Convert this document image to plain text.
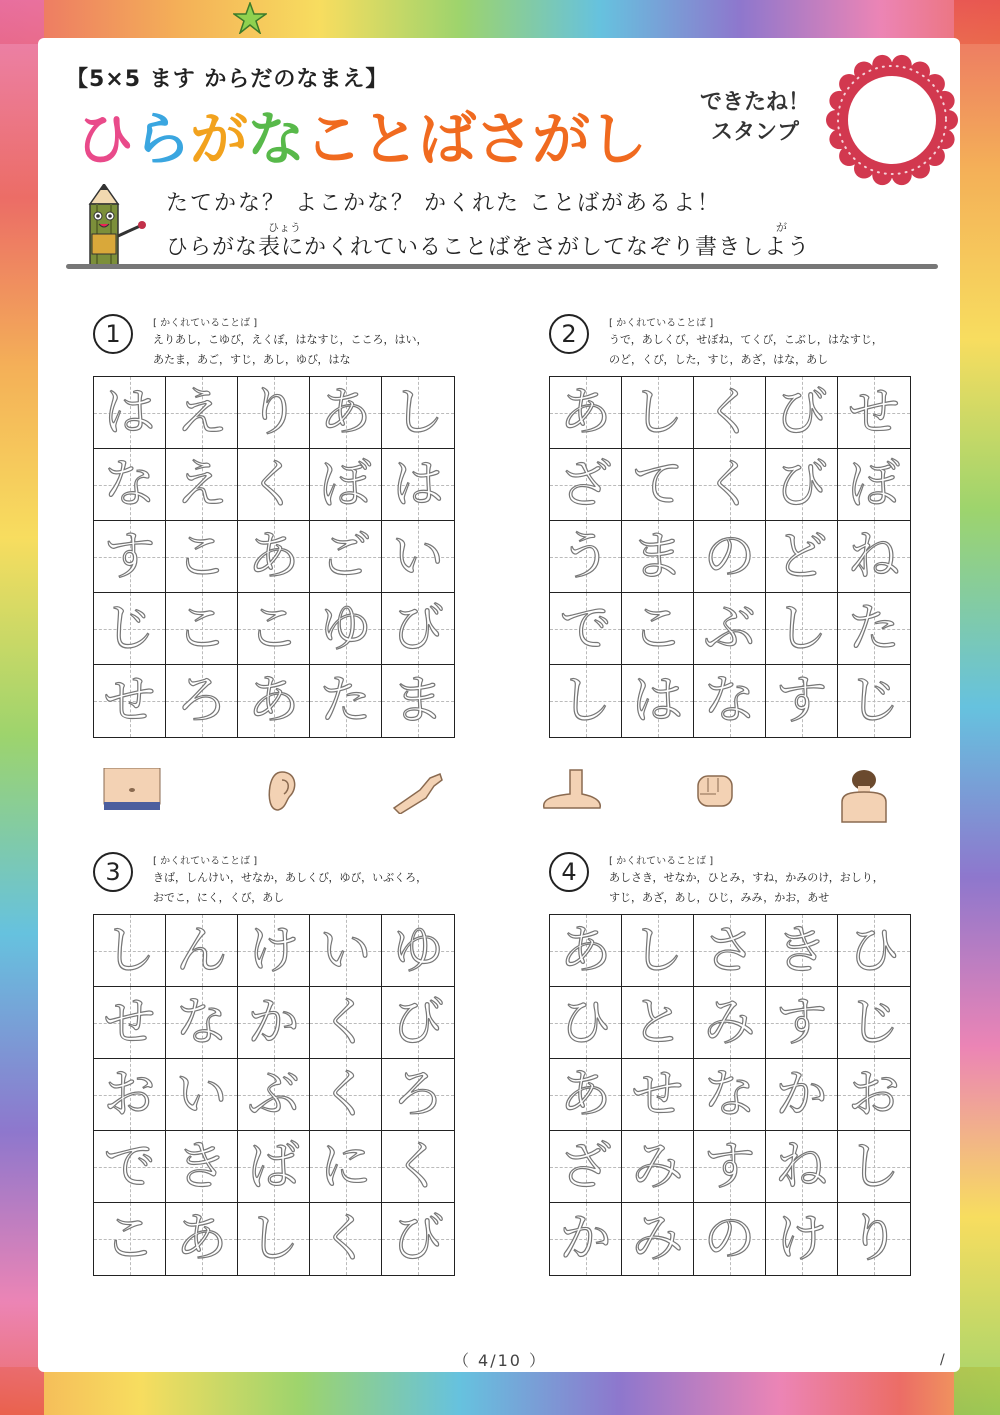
【5×5 ます からだのなまえ】
ひらがなことばさがし
できたね！
スタンプ
たてかな？ よこかな？ かくれた ことばがあるよ！
ひょう	が
ひらがな表にかくれていることばをさがしてなぞり書きしよう
1	[ かくれていることば ]
えりあし，こゆび，えくぼ，はなすじ，こころ，はい，
あたま，あご，すじ，あし，ゆび，はな
は え り あ し
な え く ぼ は
す こ あ ご い
じ こ こ ゆ び
せ ろ あ た ま
2	[ かくれていることば ]
うで，あしくび，せぼね，てくび，こぶし，はなすじ，
のど，くび，した，すじ，あざ，はな，あし
あ し く び せ
ざ て く び ぼ
う ま の ど ね
で こ ぶ し た
し は な す じ
3	[ かくれていることば ]
きば，しんけい，せなか，あしくび，ゆび，いぶくろ，
おでこ，にく，くび，あし
し ん け い ゆ
せ な か く び
お い ぶ く ろ
で き ば に く
こ あ し く び
4	[ かくれていることば ]
あしさき，せなか，ひとみ，すね，かみのけ，おしり，
すじ，あざ，あし，ひじ，みみ，かお，あせ
あ し さ き ひ
ひ と み す じ
あ せ な か お
ざ み す ね し
か み の け り
（ 4/10 ）	/
